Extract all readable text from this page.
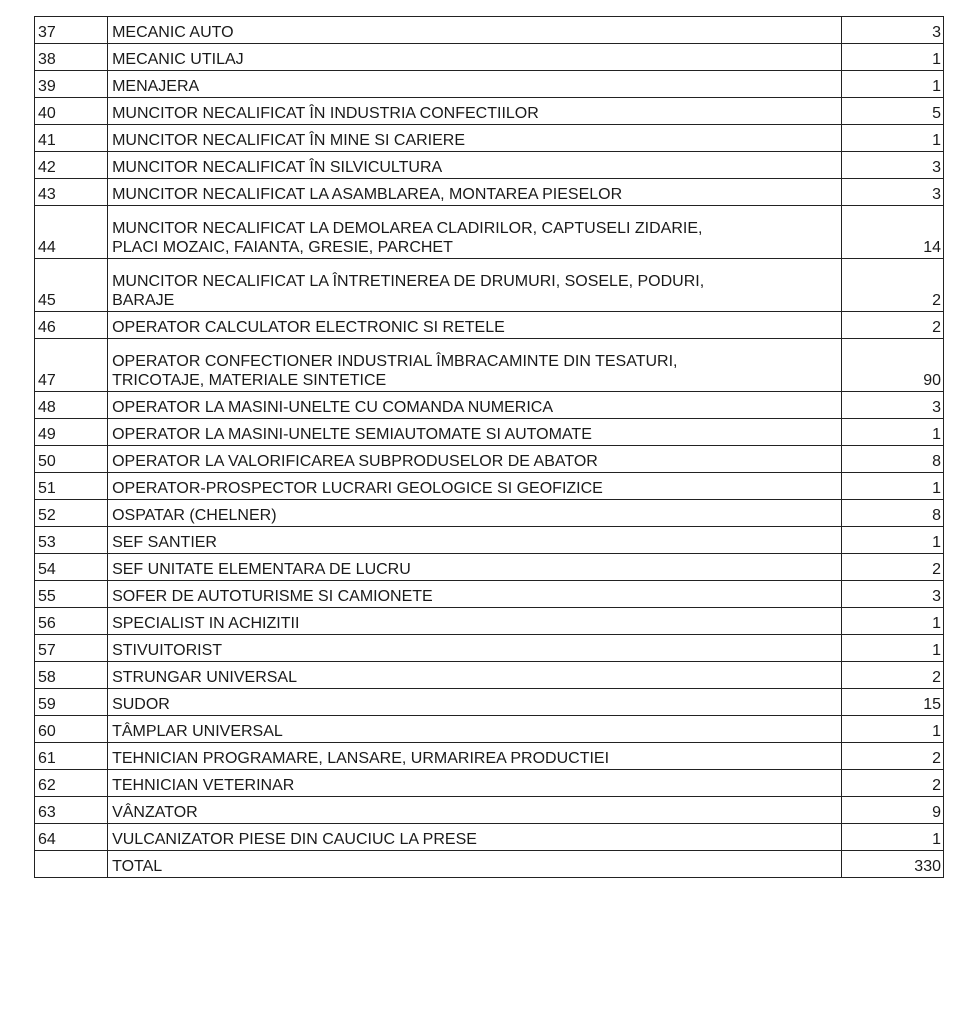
37	MECANIC AUTO	3
38	MECANIC UTILAJ	1
39	MENAJERA	1
40	MUNCITOR NECALIFICAT ÎN INDUSTRIA CONFECTIILOR	5
41	MUNCITOR NECALIFICAT ÎN MINE SI CARIERE	1
42	MUNCITOR NECALIFICAT ÎN SILVICULTURA	3
43	MUNCITOR NECALIFICAT LA ASAMBLAREA, MONTAREA PIESELOR	3
44	MUNCITOR NECALIFICAT LA DEMOLAREA CLADIRILOR, CAPTUSELI ZIDARIE,
PLACI MOZAIC, FAIANTA, GRESIE, PARCHET	14
45	MUNCITOR NECALIFICAT LA ÎNTRETINEREA DE DRUMURI, SOSELE, PODURI,
BARAJE	2
46	OPERATOR CALCULATOR ELECTRONIC SI RETELE	2
47	OPERATOR CONFECTIONER INDUSTRIAL ÎMBRACAMINTE DIN TESATURI,
TRICOTAJE, MATERIALE SINTETICE	90
48	OPERATOR LA MASINI-UNELTE CU COMANDA NUMERICA	3
49	OPERATOR LA MASINI-UNELTE SEMIAUTOMATE SI AUTOMATE	1
50	OPERATOR LA VALORIFICAREA SUBPRODUSELOR DE ABATOR	8
51	OPERATOR-PROSPECTOR LUCRARI GEOLOGICE SI GEOFIZICE	1
52	OSPATAR (CHELNER)	8
53	SEF SANTIER	1
54	SEF UNITATE ELEMENTARA DE LUCRU	2
55	SOFER DE AUTOTURISME SI CAMIONETE	3
56	SPECIALIST IN ACHIZITII	1
57	STIVUITORIST	1
58	STRUNGAR UNIVERSAL	2
59	SUDOR	15
60	TÂMPLAR UNIVERSAL	1
61	TEHNICIAN PROGRAMARE, LANSARE, URMARIREA PRODUCTIEI	2
62	TEHNICIAN VETERINAR	2
63	VÂNZATOR	9
64	VULCANIZATOR PIESE DIN CAUCIUC LA PRESE	1
	TOTAL	330
